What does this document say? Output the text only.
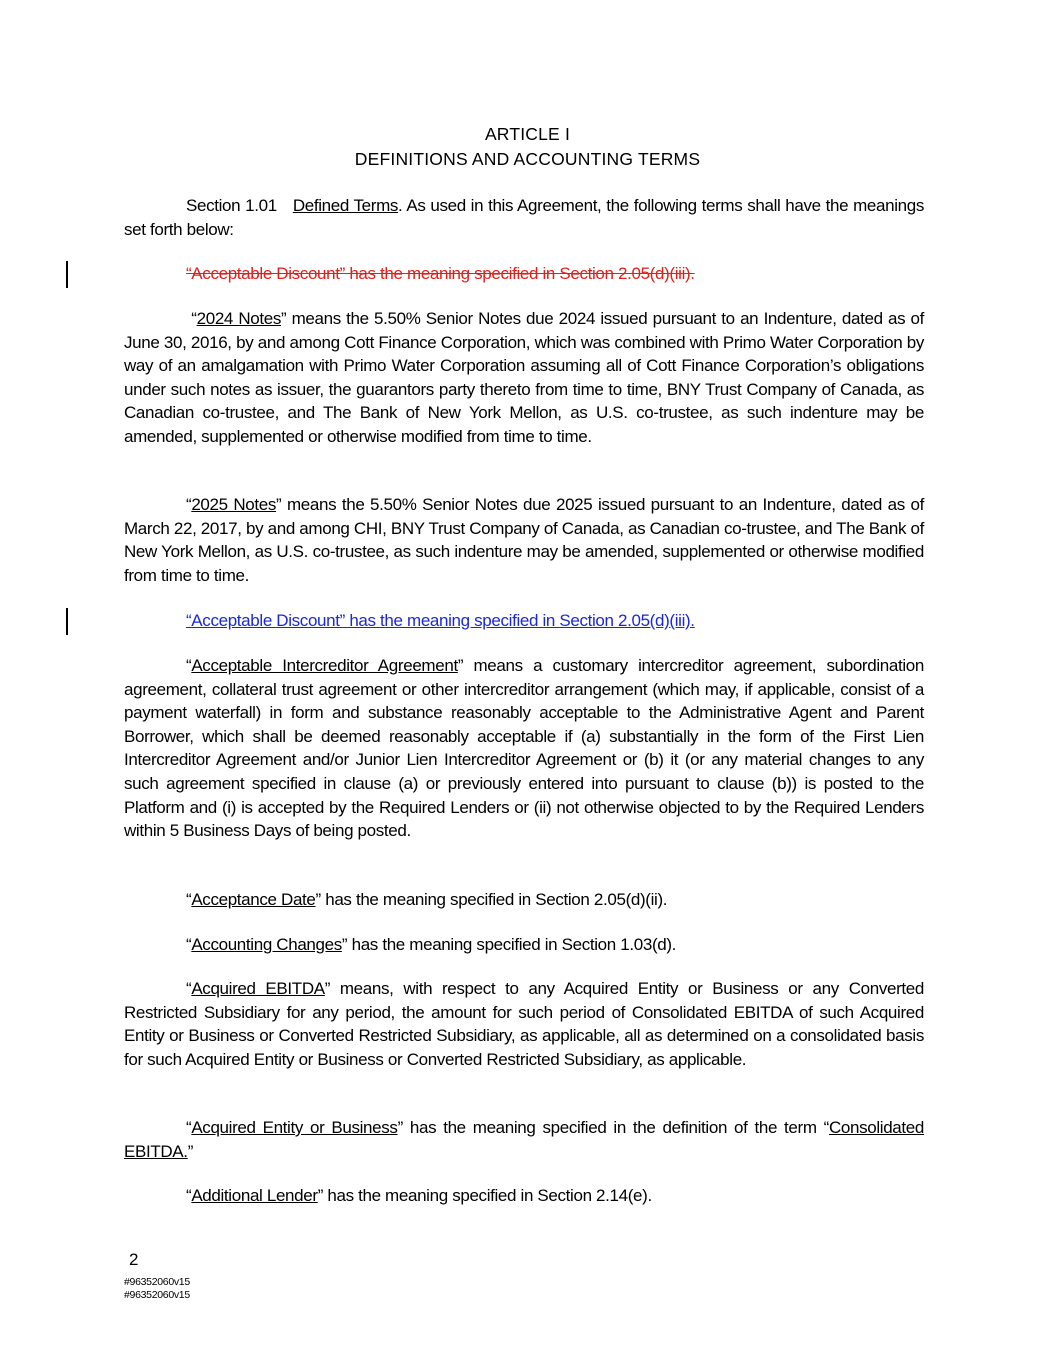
ARTICLE I
DEFINITIONS AND ACCOUNTING TERMS

Section 1.01 Defined Terms. As used in this Agreement, the following terms shall have the meanings set forth below:

“Acceptable Discount” has the meaning specified in Section 2.05(d)(iii).

“2024 Notes” means the 5.50% Senior Notes due 2024 issued pursuant to an Indenture, dated as of June 30, 2016, by and among Cott Finance Corporation, which was combined with Primo Water Corporation by way of an amalgamation with Primo Water Corporation assuming all of Cott Finance Corporation’s obligations under such notes as issuer, the guarantors party thereto from time to time, BNY Trust Company of Canada, as Canadian co-trustee, and The Bank of New York Mellon, as U.S. co-trustee, as such indenture may be amended, supplemented or otherwise modified from time to time.

“2025 Notes” means the 5.50% Senior Notes due 2025 issued pursuant to an Indenture, dated as of March 22, 2017, by and among CHI, BNY Trust Company of Canada, as Canadian co-trustee, and The Bank of New York Mellon, as U.S. co-trustee, as such indenture may be amended, supplemented or otherwise modified from time to time.

“Acceptable Discount” has the meaning specified in Section 2.05(d)(iii).

“Acceptable Intercreditor Agreement” means a customary intercreditor agreement, subordination agreement, collateral trust agreement or other intercreditor arrangement (which may, if applicable, consist of a payment waterfall) in form and substance reasonably acceptable to the Administrative Agent and Parent Borrower, which shall be deemed reasonably acceptable if (a) substantially in the form of the First Lien Intercreditor Agreement and/or Junior Lien Intercreditor Agreement or (b) it (or any material changes to any such agreement specified in clause (a) or previously entered into pursuant to clause (b)) is posted to the Platform and (i) is accepted by the Required Lenders or (ii) not otherwise objected to by the Required Lenders within 5 Business Days of being posted.

“Acceptance Date” has the meaning specified in Section 2.05(d)(ii).

“Accounting Changes” has the meaning specified in Section 1.03(d).

“Acquired EBITDA” means, with respect to any Acquired Entity or Business or any Converted Restricted Subsidiary for any period, the amount for such period of Consolidated EBITDA of such Acquired Entity or Business or Converted Restricted Subsidiary, as applicable, all as determined on a consolidated basis for such Acquired Entity or Business or Converted Restricted Subsidiary, as applicable.

“Acquired Entity or Business” has the meaning specified in the definition of the term “Consolidated EBITDA.”

“Additional Lender” has the meaning specified in Section 2.14(e).

2
#96352060v15
#96352060v15
